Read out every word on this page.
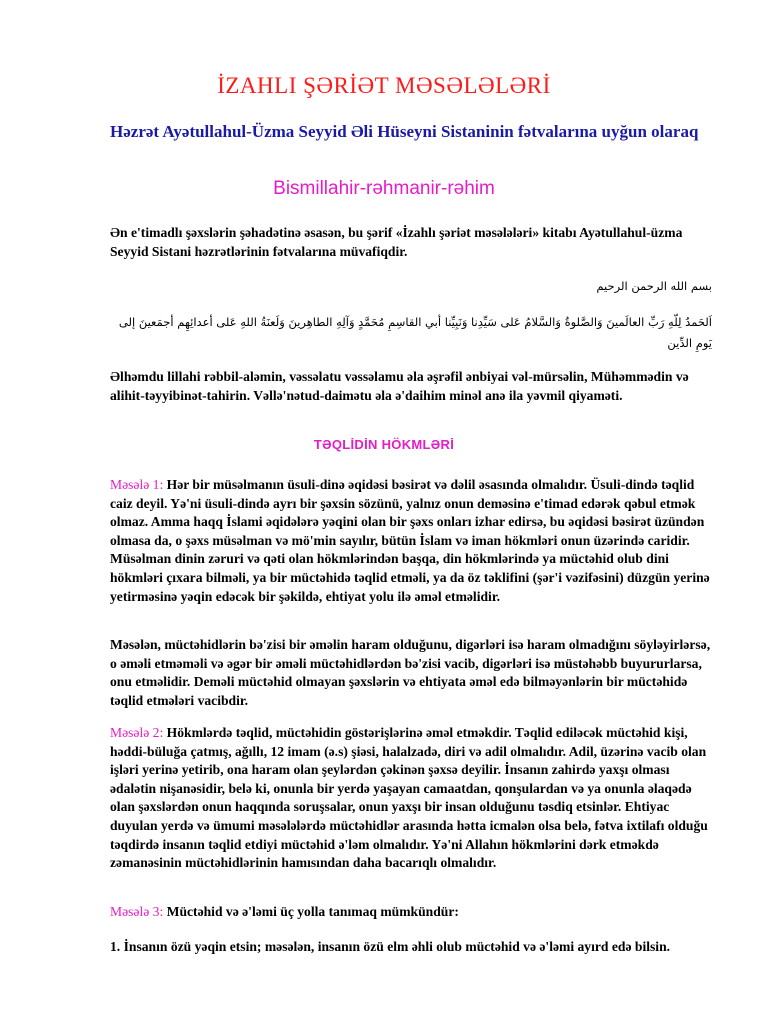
İZAHLI ŞƏRİƏT MƏSƏLƏLƏRİ

Həzrət Ayətullahul-Üzma Seyyid Əli Hüseyni Sistaninin fətvalarına uyğun olaraq

Bismillahir-rəhmanir-rəhim

Ən e'timadlı şəxslərin şəhadətinə əsasən, bu şərif «İzahlı şəriət məsələləri» kitabı Ayətullahul-üzma Seyyid Sistani həzrətlərinin fətvalarına müvafiqdir.

بسم الله الرحمن الرحيم

اَلحَمدُ لِلّهِ رَبِّ العالَمينَ وَالصَّلوةُ وَالسَّلامُ عَلى سَيِّدِنا وَنَبِيِّنا أبي القاسِمِ مُحَمَّدٍ وَآلِهِ الطاهِرينَ وَلَعنَةُ اللهِ عَلى أعدائِهِم أجمَعينَ إلى يَومِ الدِّين

Əlhəmdu lillahi rəbbil-aləmin, vəssəlatu vəssəlamu əla əşrəfil ənbiyai vəl-mürsəlin, Mühəmmədin və alihit-təyyibinət-tahirin. Vəllə'nətud-daimətu əla ə'daihim minəl anə ila yəvmil qiyaməti.

TƏQLİDİN HÖKMLƏRİ

Məsələ 1: Hər bir müsəlmanın üsuli-dinə əqidəsi bəsirət və dəlil əsasında olmalıdır. Üsuli-dində təqlid caiz deyil. Yə'ni üsuli-dində ayrı bir şəxsin sözünü, yalnız onun deməsinə e'timad edərək qəbul etmək olmaz. Amma haqq İslami əqidələrə yəqini olan bir şəxs onları izhar edirsə, bu əqidəsi bəsirət üzündən olmasa da, o şəxs müsəlman və mö'min sayılır, bütün İslam və iman hökmləri onun üzərində caridir. Müsəlman dinin zəruri və qəti olan hökmlərindən başqa, din hökmlərində ya müctəhid olub dini hökmləri çıxara bilməli, ya bir müctəhidə təqlid etməli, ya da öz təklifini (şər'i vəzifəsini) düzgün yerinə yetirməsinə yəqin edəcək bir şəkildə, ehtiyat yolu ilə əməl etməlidir.

Məsələn, müctəhidlərin bə'zisi bir əməlin haram olduğunu, digərləri isə haram olmadığını söyləyirlərsə, o əməli etməməli və əgər bir əməli müctəhidlərdən bə'zisi vacib, digərləri isə müstəhəbb buyururlarsa, onu etməlidir. Deməli müctəhid olmayan şəxslərin və ehtiyata əməl edə bilməyənlərin bir müctəhidə təqlid etmələri vacibdir.

Məsələ 2: Hökmlərdə təqlid, müctəhidin göstərişlərinə əməl etməkdir. Təqlid ediləcək müctəhid kişi, həddi-büluğa çatmış, ağıllı, 12 imam (ə.s) şiəsi, halalzadə, diri və adil olmalıdır. Adil, üzərinə vacib olan işləri yerinə yetirib, ona haram olan şeylərdən çəkinən şəxsə deyilir. İnsanın zahirdə yaxşı olması ədalətin nişanəsidir, belə ki, onunla bir yerdə yaşayan camaatdan, qonşulardan və ya onunla əlaqədə olan şəxslərdən onun haqqında soruşsalar, onun yaxşı bir insan olduğunu təsdiq etsinlər. Ehtiyac duyulan yerdə və ümumi məsələlərdə müctəhidlər arasında hətta icmalən olsa belə, fətva ixtilafı olduğu təqdirdə insanın təqlid etdiyi müctəhid ə'ləm olmalıdır. Yə'ni Allahın hökmlərini dərk etməkdə zəmanəsinin müctəhidlərinin hamısından daha bacarıqlı olmalıdır.

Məsələ 3: Müctəhid və ə'ləmi üç yolla tanımaq mümkündür:

1. İnsanın özü yəqin etsin; məsələn, insanın özü elm əhli olub müctəhid və ə'ləmi ayırd edə bilsin.
